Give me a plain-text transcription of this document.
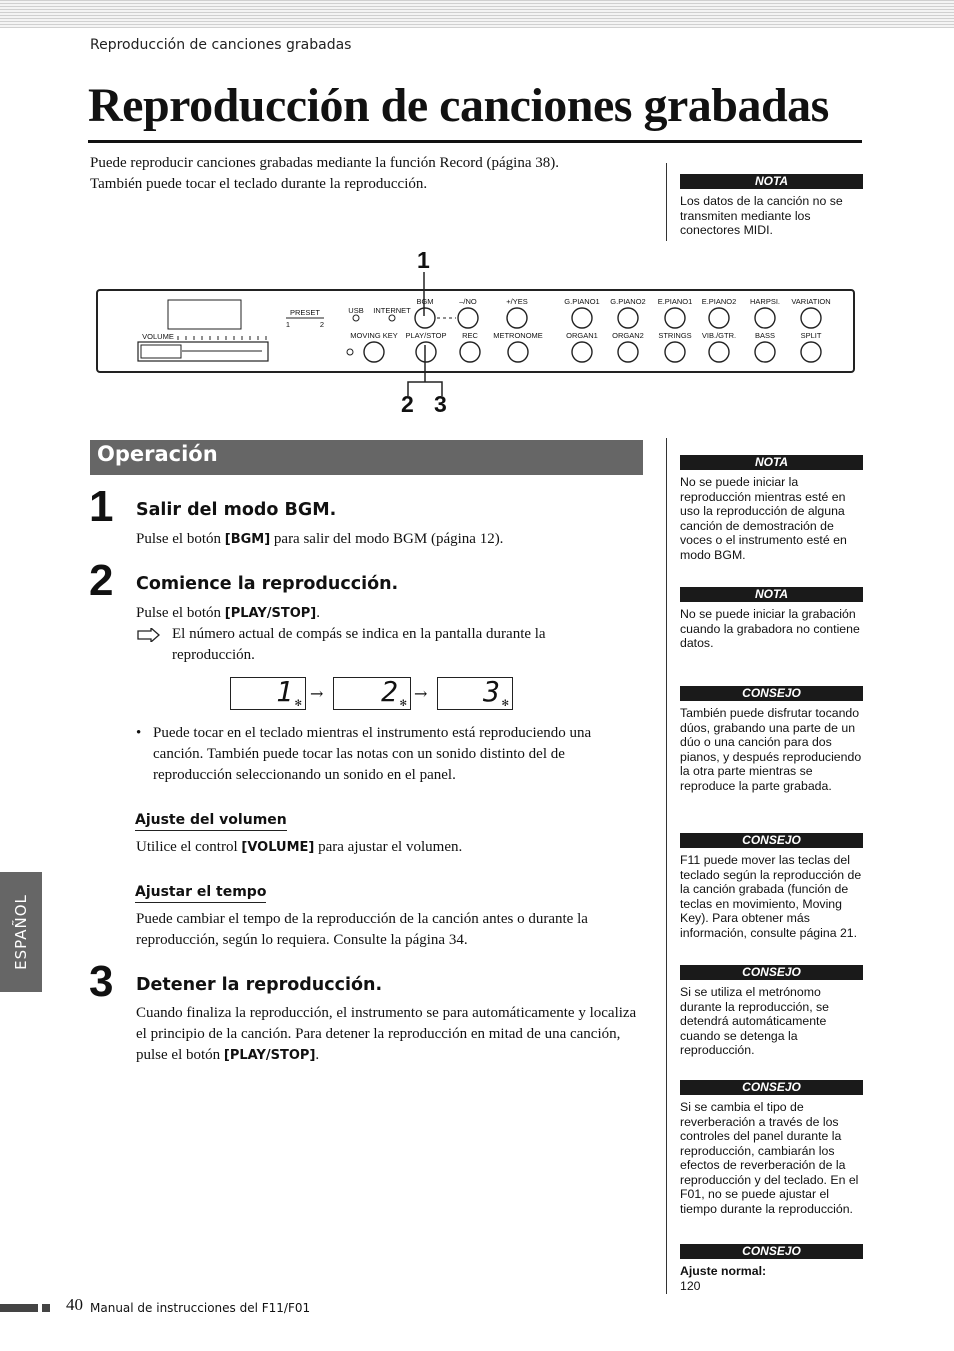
Reproducción de canciones grabadas
Reproducción de canciones grabadas
Puede reproducir canciones grabadas mediante la función Record (página 38).
También puede tocar el teclado durante la reproducción.	NOTA
Los datos de la canción no se transmiten mediante los conectores MIDI.
NOTA
No se puede iniciar la reproducción mientras esté en uso la reproducción de alguna canción de demostración de voces o el instrumento esté en modo BGM.
NOTA
No se puede iniciar la grabación cuando la grabadora no contiene datos.
CONSEJO
También puede disfrutar tocando dúos, grabando una parte de un dúo o una canción para dos pianos, y después reproduciendo la otra parte mientras se reproduce la parte grabada.
CONSEJO
F11 puede mover las teclas del teclado según la reproducción de la canción grabada (función de teclas en movimiento, Moving Key). Para obtener más información, consulte página 21.
CONSEJO
Si se utiliza el metrónomo durante la reproducción, se detendrá automáticamente cuando se detenga la reproducción.
CONSEJO
Si se cambia el tipo de reverberación a través de los controles del panel durante la reproducción, cambiarán los efectos de reverberación de la reproducción y del teclado. En el F01, no se puede ajustar el tiempo durante la reproducción.
CONSEJO
Ajuste normal:
120
1
2 3
VOLUME
PRESET
1	2
USB INTERNET
BGM	–/NO	+/YES
MOVING KEY PLAY/STOP REC METRONOME
G.PIANO1 G.PIANO2 E.PIANO1 E.PIANO2 HARPSI. VARIATION
ORGAN1 ORGAN2 STRINGS VIB./GTR.	BASS	SPLIT
Operación
1 Salir del modo BGM.
Pulse el botón [BGM] para salir del modo BGM (página 12).
2 Comience la reproducción.
Pulse el botón [PLAY/STOP].
El número actual de compás se indica en la pantalla durante la reproducción.
1 ✻
→ 2 ✻
→ 3 ✻
• Puede tocar en el teclado mientras el instrumento está reproduciendo una canción. También puede tocar las notas con un sonido distinto del de reproducción seleccionando un sonido en el panel.
Ajuste del volumen
Utilice el control [VOLUME] para ajustar el volumen.
Ajustar el tempo
Puede cambiar el tempo de la reproducción de la canción antes o durante la reproducción, según lo requiera. Consulte la página 34.
3 Detener la reproducción.
Cuando finaliza la reproducción, el instrumento se para automáticamente y localiza el principio de la canción. Para detener la reproducción en mitad de una canción, pulse el botón [PLAY/STOP].
ESPAÑOL
40 Manual de instrucciones del F11/F01
